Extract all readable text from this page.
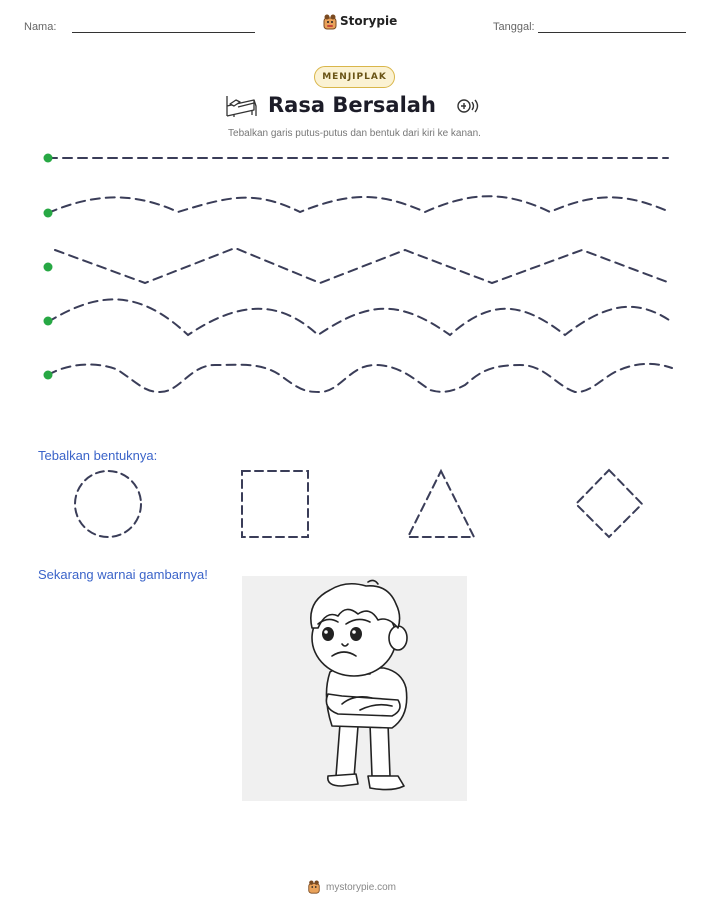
Nama:	Storypie	Tanggal:
MENJIPLAK
Rasa Bersalah
Tebalkan garis putus-putus dan bentuk dari kiri ke kanan.
Tebalkan bentuknya:
Sekarang warnai gambarnya!
mystorypie.com
